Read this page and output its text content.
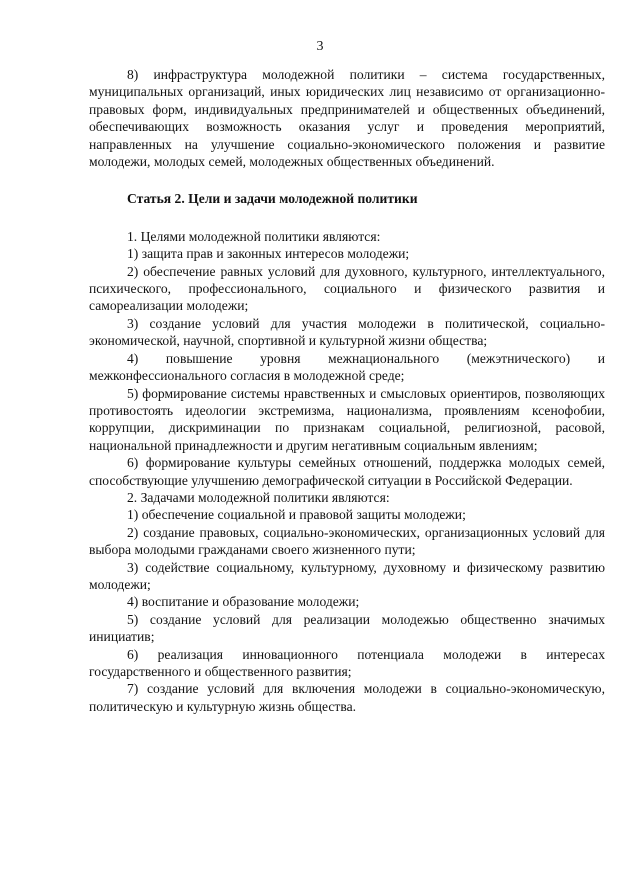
3

8) инфраструктура молодежной политики – система государственных, муниципальных организаций, иных юридических лиц независимо от организационно-правовых форм, индивидуальных предпринимателей и общественных объединений, обеспечивающих возможность оказания услуг и проведения мероприятий, направленных на улучшение социально-экономического положения и развитие молодежи, молодых семей, молодежных общественных объединений.

Статья 2. Цели и задачи молодежной политики

1. Целями молодежной политики являются:

1) защита прав и законных интересов молодежи;

2) обеспечение равных условий для духовного, культурного, интеллектуального, психического, профессионального, социального и физического развития и самореализации молодежи;

3) создание условий для участия молодежи в политической, социально-экономической, научной, спортивной и культурной жизни общества;

4) повышение уровня межнационального (межэтнического) и межконфессионального согласия в молодежной среде;

5) формирование системы нравственных и смысловых ориентиров, позволяющих противостоять идеологии экстремизма, национализма, проявлениям ксенофобии, коррупции, дискриминации по признакам социальной, религиозной, расовой, национальной принадлежности и другим негативным социальным явлениям;

6) формирование культуры семейных отношений, поддержка молодых семей, способствующие улучшению демографической ситуации в Российской Федерации.

2. Задачами молодежной политики являются:

1) обеспечение социальной и правовой защиты молодежи;

2) создание правовых, социально-экономических, организационных условий для выбора молодыми гражданами своего жизненного пути;

3) содействие социальному, культурному, духовному и физическому развитию молодежи;

4) воспитание и образование молодежи;

5) создание условий для реализации молодежью общественно значимых инициатив;

6) реализация инновационного потенциала молодежи в интересах государственного и общественного развития;

7) создание условий для включения молодежи в социально-экономическую, политическую и культурную жизнь общества.
